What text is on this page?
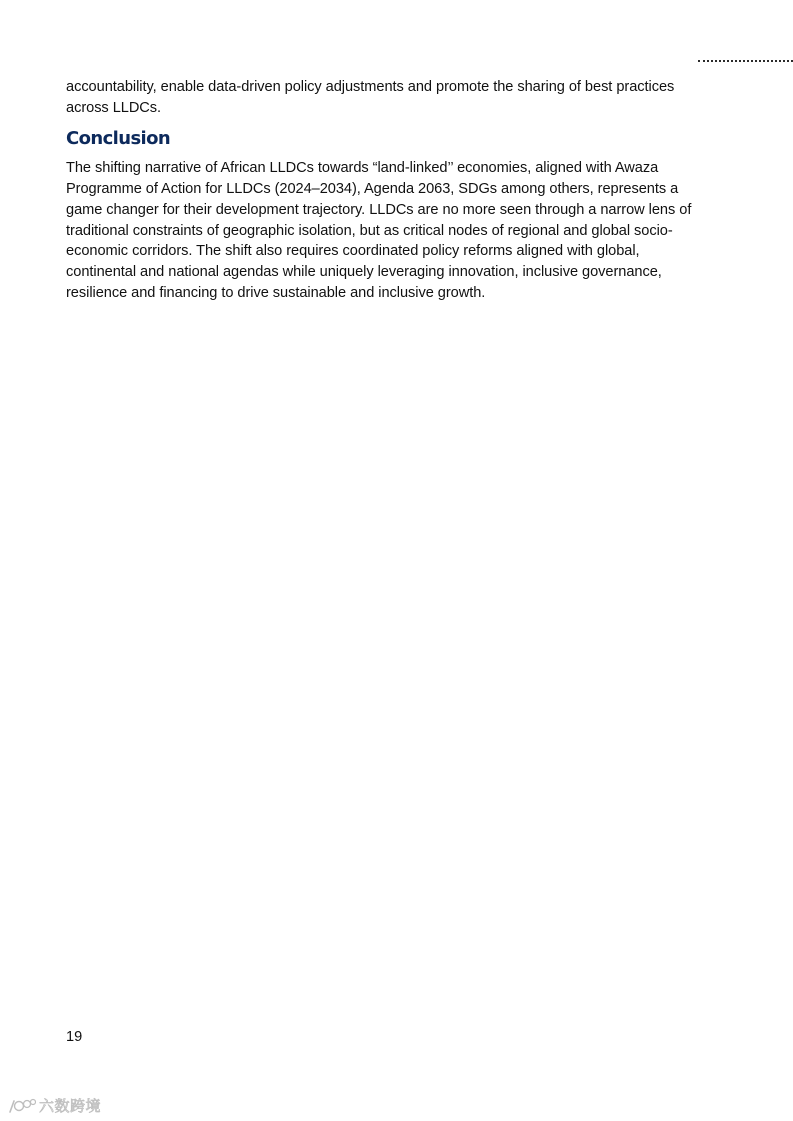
accountability, enable data-driven policy adjustments and promote the sharing of best practices across LLDCs.

Conclusion

The shifting narrative of African LLDCs towards “land-linked’’ economies, aligned with Awaza Programme of Action for LLDCs (2024–2034), Agenda 2063, SDGs among others, represents a game changer for their development trajectory. LLDCs are no more seen through a narrow lens of traditional constraints of geographic isolation, but as critical nodes of regional and global socio-economic corridors. The shift also requires coordinated policy reforms aligned with global, continental and national agendas while uniquely leveraging innovation, inclusive governance, resilience and financing to drive sustainable and inclusive growth.

19
六数跨境
